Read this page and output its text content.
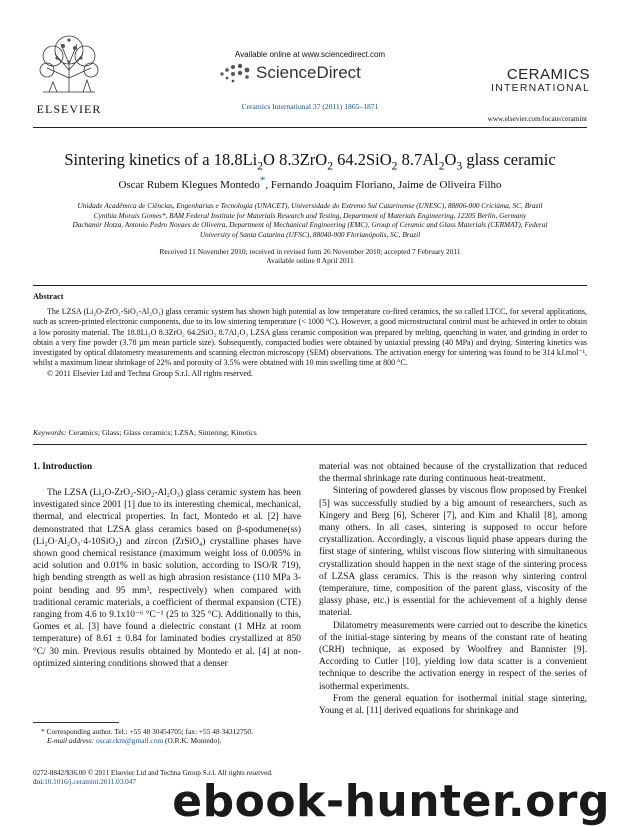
ELSEVIER
Available online at www.sciencedirect.com
ScienceDirect
Ceramics International 37 (2011) 1865–1871
CERAMICS
INTERNATIONAL
www.elsevier.com/locate/ceramint
Sintering kinetics of a $18.8Li_2O$ 8.3ZrO$_2$ 64.2SiO$_2$ $8.7Al_2O_3$ glass ceramic
Oscar Rubem Klegues Montedo*, Fernando Joaquim Floriano, Jaime de Oliveira Filho
Unidade Acadêmica de Ciências, Engenharias e Tecnologia (UNACET), Universidade do Extremo Sul Catarinense (UNESC), 88806-000 Criciúma, SC, Brazil
Cynthia Morais Gomes*, BAM Federal Institute for Materials Research and Testing, Department of Materials Engineering, 12205 Berlin, Germany
Dachamir Hotza, Antonio Pedro Novaes de Oliveira, Department of Mechanical Engineering (EMC), Group of Ceramic and Glass Materials (CERMAT), Federal
University of Santa Catarina (UFSC), 88040-900 Florianópolis, SC, Brazil
Received 11 November 2010; received in revised form 26 November 2010; accepted 7 February 2011
Available online 8 April 2011
Abstract
The LZSA (Li₂O-ZrO₂-SiO₂-Al₂O₃) glass ceramic system has shown high potential as low temperature co-fired ceramics, the so called LTCC, for several applications, such as screen-printed electronic components, due to its low sintering temperature (< 1000 °C). However, a good microstructural control must be achieved in order to obtain a low porosity material. The 18.8Li₂O 8.3ZrO₂ 64.2SiO₂ 8.7Al₂O₃ LZSA glass ceramic composition was prepared by melting, quenching in water, and grinding in order to obtain a very fine powder (3.78 µm mean particle size). Subsequently, compacted bodies were obtained by uniaxial pressing (40 MPa) and drying. Sintering kinetics was investigated by optical dilatometry measurements and scanning electron microscopy (SEM) observations. The activation energy for sintering was found to be 314 kJ.mol⁻¹, whilst a maximum linear shrinkage of 22% and porosity of 3.5% were obtained with 10 min swelling time at 800 °C.
© 2011 Elsevier Ltd and Techna Group S.r.l. All rights reserved.
Keywords: Ceramics; Glass; Glass ceramics; LZSA; Sintering; Kinetics
1. Introduction

The LZSA (Li₂O-ZrO₂-SiO₂-Al₂O₃) glass ceramic system has been investigated since 2001 [1] due to its interesting chemical, mechanical, thermal, and electrical properties. In fact, Montedo et al. [2] have demonstrated that LZSA glass ceramics based on β-spodumene(ss) (Li₂O·Al₂O₃·4-10SiO₂) and zircon (ZrSiO₄) crystalline phases have shown good chemical resistance (maximum weight loss of 0.005% in acid solution and 0.01% in basic solution, according to ISO/R 719), high bending strength as well as high abrasion resistance (110 MPa 3-point bending and 95 mm³, respectively) when compared with traditional ceramic materials, a coefficient of thermal expansion (CTE) ranging from 4.6 to 9.1x10⁻⁶ °C⁻¹ (25 to 325 °C). Additionally to this, Gomes et al. [3] have found a dielectric constant (1 MHz at room temperature) of 8.61 ± 0.84 for laminated bodies crystallized at 850 °C/ 30 min. Previous results obtained by Montedo et al. [4] at non-optimized sintering conditions showed that a denser

material was not obtained because of the crystallization that reduced the thermal shrinkage rate during continuous heat-treatment.

Sintering of powdered glasses by viscous flow proposed by Frenkel [5] was successfully studied by a big amount of researchers, such as Kingery and Berg [6], Scherer [7], and Kim and Khalil [8], among many others. In all cases, sintering is supposed to occur before crystallization. Accordingly, a viscous liquid phase appears during the first stage of sintering, whilst viscous flow sintering with simultaneous crystallization should happen in the next stage of the sintering process of LZSA glass ceramics. This is the reason why sintering control (temperature, time, composition of the parent glass, viscosity of the glassy phase, etc.) is essential for the achievement of a highly dense material.

Dilatometry measurements were carried out to describe the kinetics of the initial-stage sintering by means of the constant rate of heating (CRH) technique, as exposed by Woolfrey and Bannister [9]. According to Cutler [10], yielding low data scatter is a convenient technique to describe the activation energy in respect of the series of isothermal experiments.

From the general equation for isothermal initial stage sintering, Young et al. [11] derived equations for shrinkage and

* Corresponding author. Tel.: +55 48 30454705; fax: +55 48 34312750.
E-mail address: oscar.rkm@gmail.com (O.R.K. Montedo).
0272-8842/$36.00 © 2011 Elsevier Ltd and Techna Group S.r.l. All rights reserved.
doi:10.1016/j.ceramint.2011.03.047 ebook-hunter.org
